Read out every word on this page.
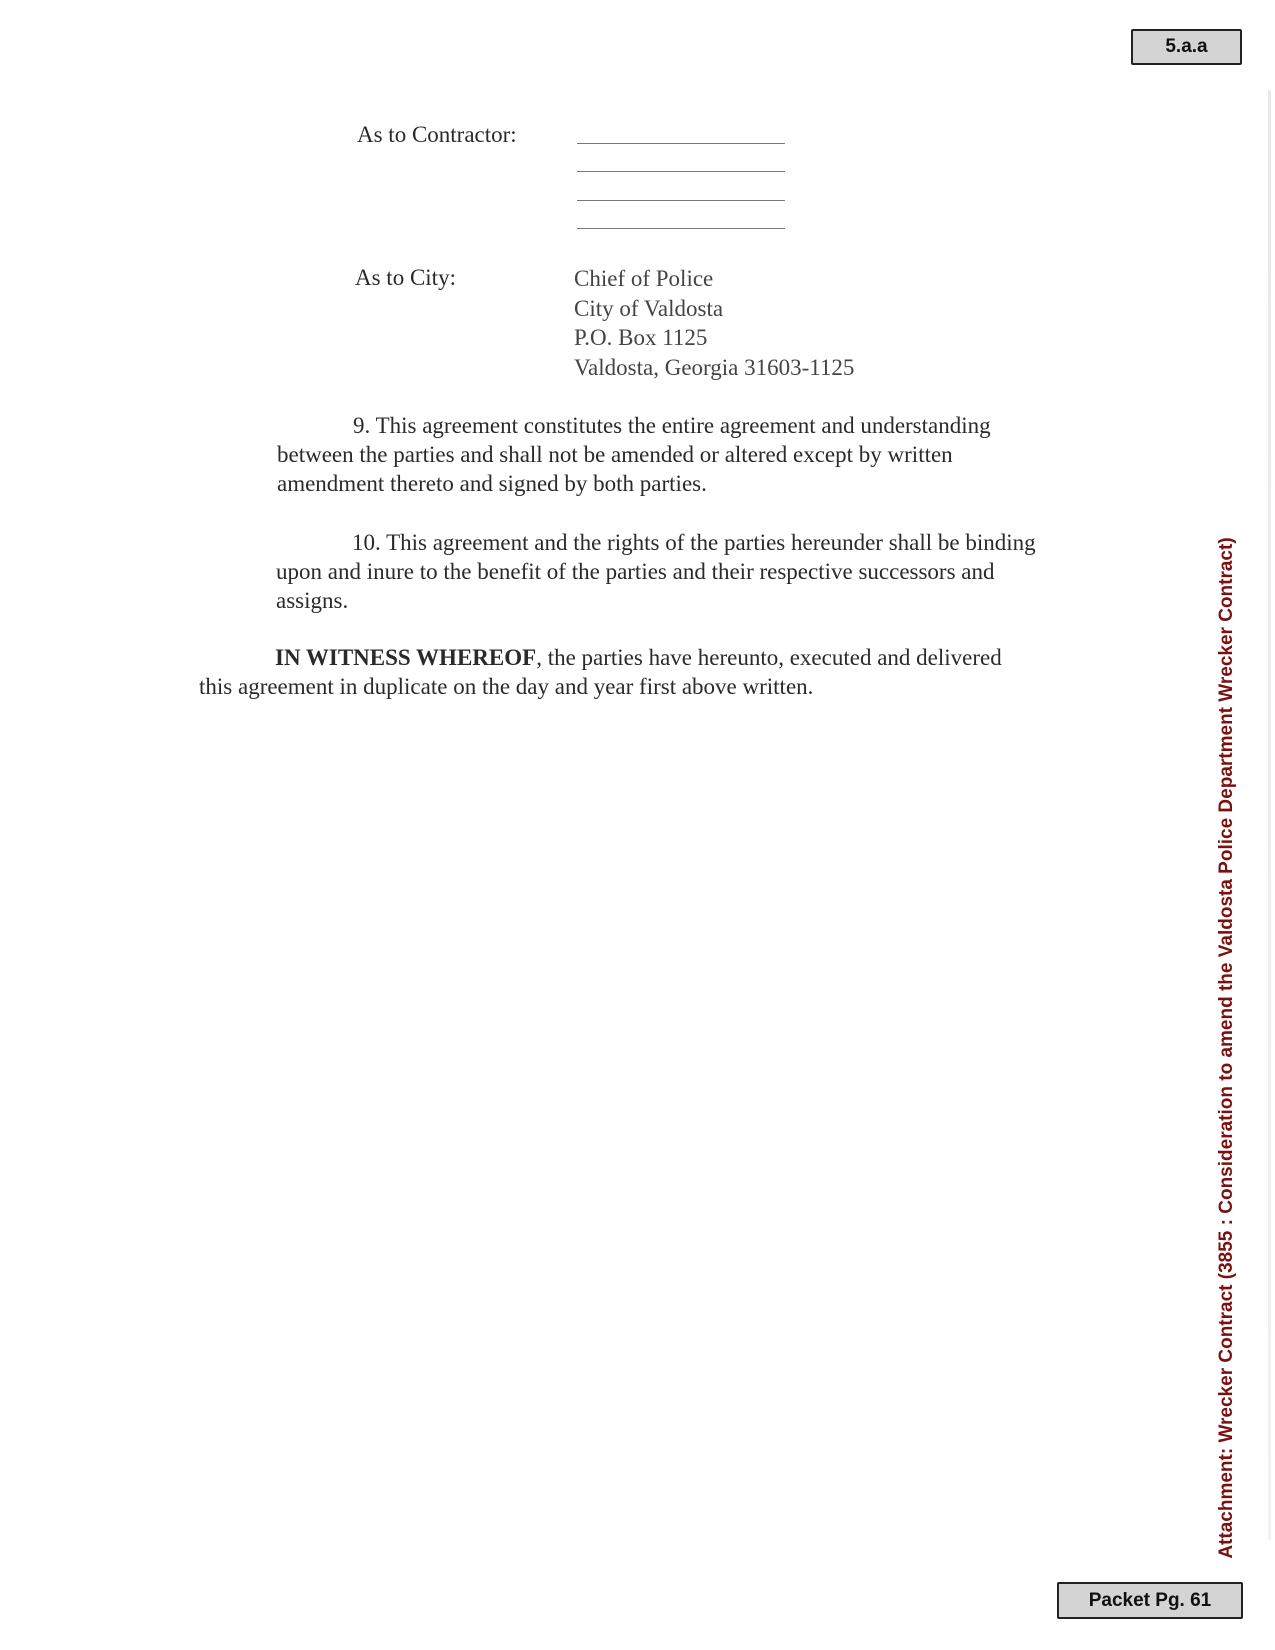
5.a.a
As to Contractor:
As to City:	Chief of Police
City of Valdosta
P.O. Box 1125
Valdosta, Georgia 31603-1125
9. This agreement constitutes the entire agreement and understanding
between the parties and shall not be amended or altered except by written
amendment thereto and signed by both parties.
10. This agreement and the rights of the parties hereunder shall be binding
upon and inure to the benefit of the parties and their respective successors and
assigns.
IN WITNESS WHEREOF, the parties have hereunto, executed and delivered
this agreement in duplicate on the day and year first above written.	Attachment: Wrecker Contract (3855 : Consideration to amend the Valdosta Police Department Wrecker Contract)
Packet Pg. 61
